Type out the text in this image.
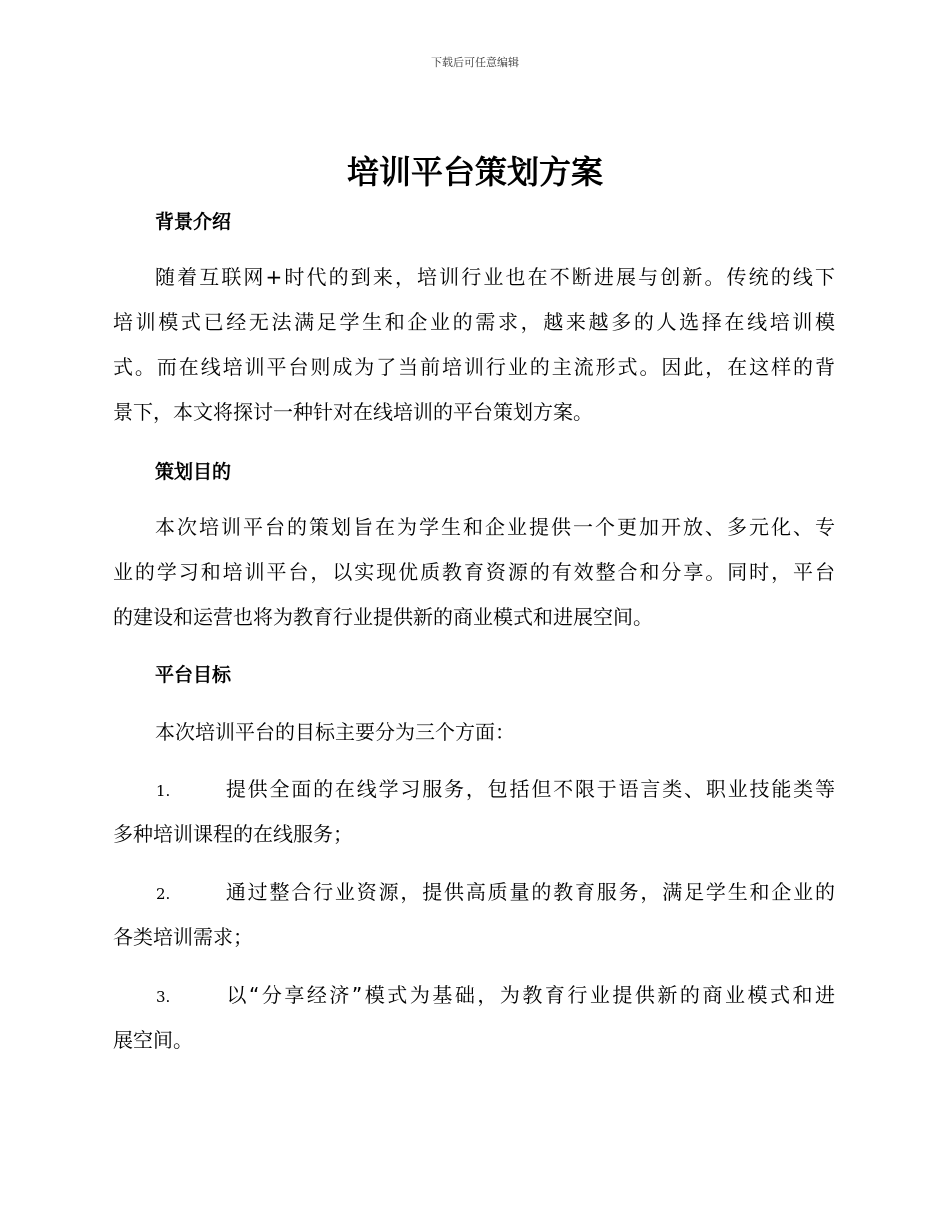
下载后可任意编辑
培训平台策划方案
背景介绍
随着互联网+时代的到来，培训行业也在不断进展与创新。传统的线下
培训模式已经无法满足学生和企业的需求，越来越多的人选择在线培训模
式。而在线培训平台则成为了当前培训行业的主流形式。因此，在这样的背
景下，本文将探讨一种针对在线培训的平台策划方案。
策划目的
本次培训平台的策划旨在为学生和企业提供一个更加开放、多元化、专
业的学习和培训平台，以实现优质教育资源的有效整合和分享。同时，平台
的建设和运营也将为教育行业提供新的商业模式和进展空间。
平台目标
本次培训平台的目标主要分为三个方面：
1.	提供全面的在线学习服务，包括但不限于语言类、职业技能类等
多种培训课程的在线服务；
2.	通过整合行业资源，提供高质量的教育服务，满足学生和企业的
各类培训需求；
3.	以“分享经济”模式为基础，为教育行业提供新的商业模式和进
展空间。
